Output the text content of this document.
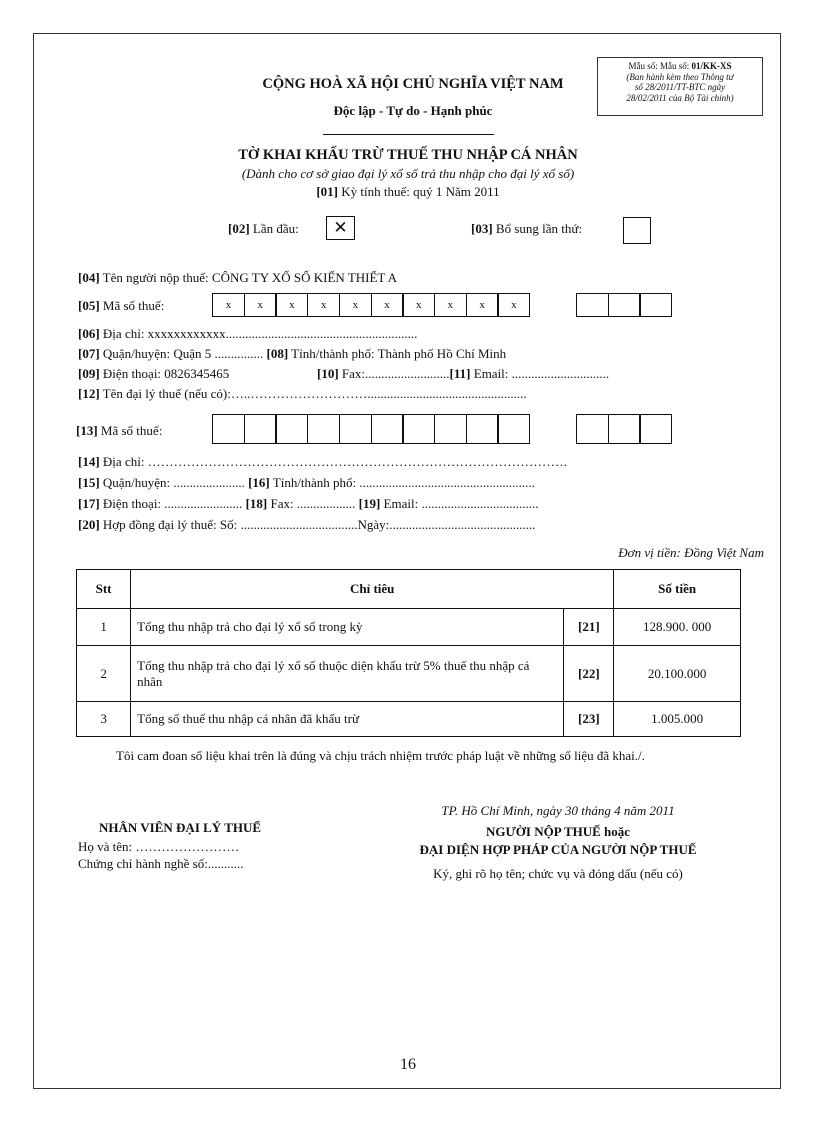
Mẫu số: Mẫu số: 01/KK-XS
(Ban hành kèm theo Thông tư
số 28/2011/TT-BTC ngày
28/02/2011 của Bộ Tài chính)
CỘNG HOÀ XÃ HỘI CHỦ NGHĨA VIỆT NAM
Độc lập - Tự do - Hạnh phúc
TỜ KHAI KHẤU TRỪ THUẾ THU NHẬP CÁ NHÂN
(Dành cho cơ sở giao đại lý xổ số trả thu nhập cho đại lý xổ số)
[01] Kỳ tính thuế: quý 1 Năm 2011
[02] Lần đầu:	✕	[03] Bổ sung lần thứ:
[04] Tên người nộp thuế: CÔNG TY XỔ SỐ KIẾN THIẾT A
[05] Mã số thuế:	x	x	x	x	x	x	x	x	x	x
[06] Địa chỉ: xxxxxxxxxxxx...........................................................
[07] Quận/huyện: Quận 5 ............... [08] Tỉnh/thành phố: Thành phố Hồ Chí Minh
[09] Điện thoại: 0826345465	[10] Fax:..........................[11] Email: ..............................
[12] Tên đại lý thuế (nếu có):…..……………………….................................................
[13] Mã số thuế:
[14] Địa chỉ: …………………………………………………………………………………….
[15] Quận/huyện: ...................... [16] Tỉnh/thành phố: ......................................................
[17] Điện thoại: ........................ [18] Fax: .................. [19] Email: ....................................
[20] Hợp đồng đại lý thuế: Số: ....................................Ngày:.............................................
Đơn vị tiền: Đồng Việt Nam
Stt	Chỉ tiêu		Số tiền
1	Tổng thu nhập trả cho đại lý xổ số trong kỳ	[21]	128.900. 000
2	Tổng thu nhập trả cho đại lý xổ số thuộc diện khấu trừ 5% thuế thu nhập cá nhân	[22]	20.100.000
3	Tổng số thuế thu nhập cá nhân đã khấu trừ	[23]	1.005.000
Tôi cam đoan số liệu khai trên là đúng và chịu trách nhiệm trước pháp luật về những số liệu đã khai./.
NHÂN VIÊN ĐẠI LÝ THUẾ
Họ và tên: ……………………
Chứng chỉ hành nghề số:...........
TP. Hồ Chí Minh, ngày 30 tháng 4 năm 2011
NGƯỜI NỘP THUẾ hoặc
ĐẠI DIỆN HỢP PHÁP CỦA NGƯỜI NỘP THUẾ
Ký, ghi rõ họ tên; chức vụ và đóng dấu (nếu có)
16
